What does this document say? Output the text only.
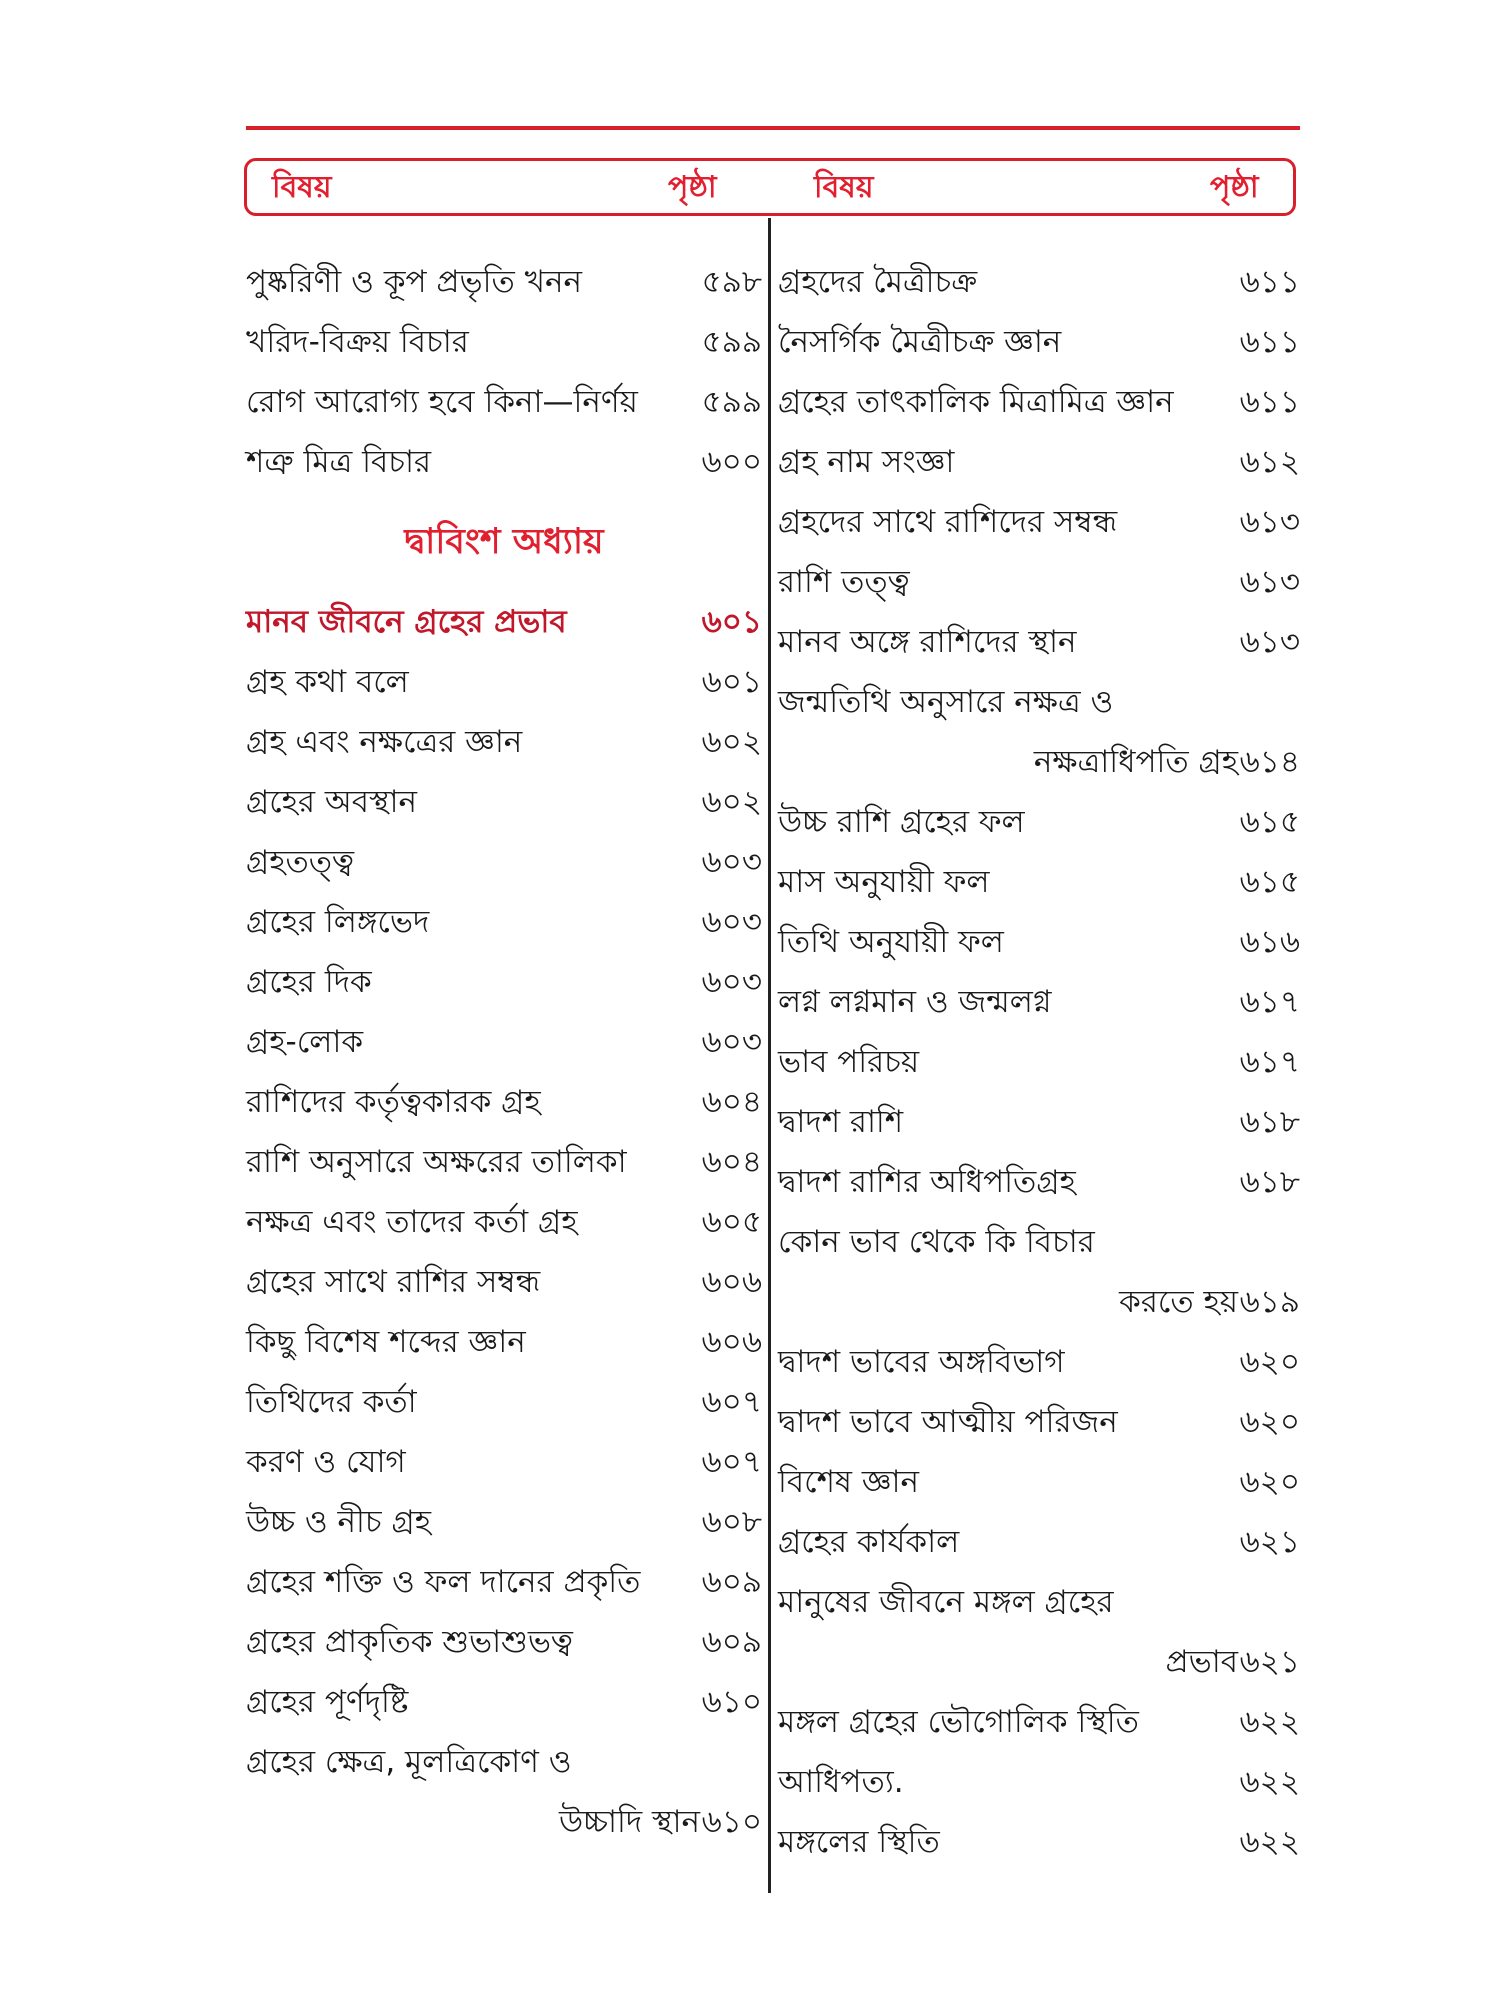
বিষয়	পৃষ্ঠা	বিষয়	পৃষ্ঠা
পুষ্করিণী ও কূপ প্রভৃতি খনন	৫৯৮
খরিদ-বিক্রয় বিচার	৫৯৯
রোগ আরোগ্য হবে কিনা—নির্ণয় ৫৯৯
শত্রু মিত্র বিচার	৬০০
দ্বাবিংশ অধ্যায়
মানব জীবনে গ্রহের প্রভাব	৬০১
গ্রহ কথা বলে	৬০১
গ্রহ এবং নক্ষত্রের জ্ঞান	৬০২
গ্রহের অবস্থান	৬০২
গ্রহতত্ত্ব	৬০৩
গ্রহের লিঙ্গভেদ	৬০৩
গ্রহের দিক	৬০৩
গ্রহ-লোক	৬০৩
রাশিদের কর্তৃত্বকারক গ্রহ	৬০৪
রাশি অনুসারে অক্ষরের তালিকা ৬০৪
নক্ষত্র এবং তাদের কর্তা গ্রহ	৬০৫
গ্রহের সাথে রাশির সম্বন্ধ	৬০৬
কিছু বিশেষ শব্দের জ্ঞান	৬০৬
তিথিদের কর্তা	৬০৭
করণ ও যোগ	৬০৭
উচ্চ ও নীচ গ্রহ	৬০৮
গ্রহের শক্তি ও ফল দানের প্রকৃতি ৬০৯
গ্রহের প্রাকৃতিক শুভাশুভত্ব	৬০৯
গ্রহের পূর্ণদৃষ্টি	৬১০
গ্রহের ক্ষেত্র, মূলত্রিকোণ ও
উচ্চাদি স্থান ৬১০
গ্রহদের মৈত্রীচক্র	৬১১
নৈসর্গিক মৈত্রীচক্র জ্ঞান	৬১১
গ্রহের তাৎকালিক মিত্রামিত্র জ্ঞান ৬১১
গ্রহ নাম সংজ্ঞা	৬১২
গ্রহদের সাথে রাশিদের সম্বন্ধ	৬১৩
রাশি তত্ত্ব	৬১৩
মানব অঙ্গে রাশিদের স্থান	৬১৩
জন্মতিথি অনুসারে নক্ষত্র ও
নক্ষত্রাধিপতি গ্রহ ৬১৪
উচ্চ রাশি গ্রহের ফল	৬১৫
মাস অনুযায়ী ফল	৬১৫
তিথি অনুযায়ী ফল	৬১৬
লগ্ন লগ্নমান ও জন্মলগ্ন	৬১৭
ভাব পরিচয়	৬১৭
দ্বাদশ রাশি	৬১৮
দ্বাদশ রাশির অধিপতিগ্রহ	৬১৮
কোন ভাব থেকে কি বিচার
করতে হয় ৬১৯
দ্বাদশ ভাবের অঙ্গবিভাগ	৬২০
দ্বাদশ ভাবে আত্মীয় পরিজন	৬২০
বিশেষ জ্ঞান	৬২০
গ্রহের কার্যকাল	৬২১
মানুষের জীবনে মঙ্গল গ্রহের
প্রভাব ৬২১
মঙ্গল গ্রহের ভৌগোলিক স্থিতি	৬২২
আধিপত্য.	৬২২
মঙ্গলের স্থিতি	৬২২
